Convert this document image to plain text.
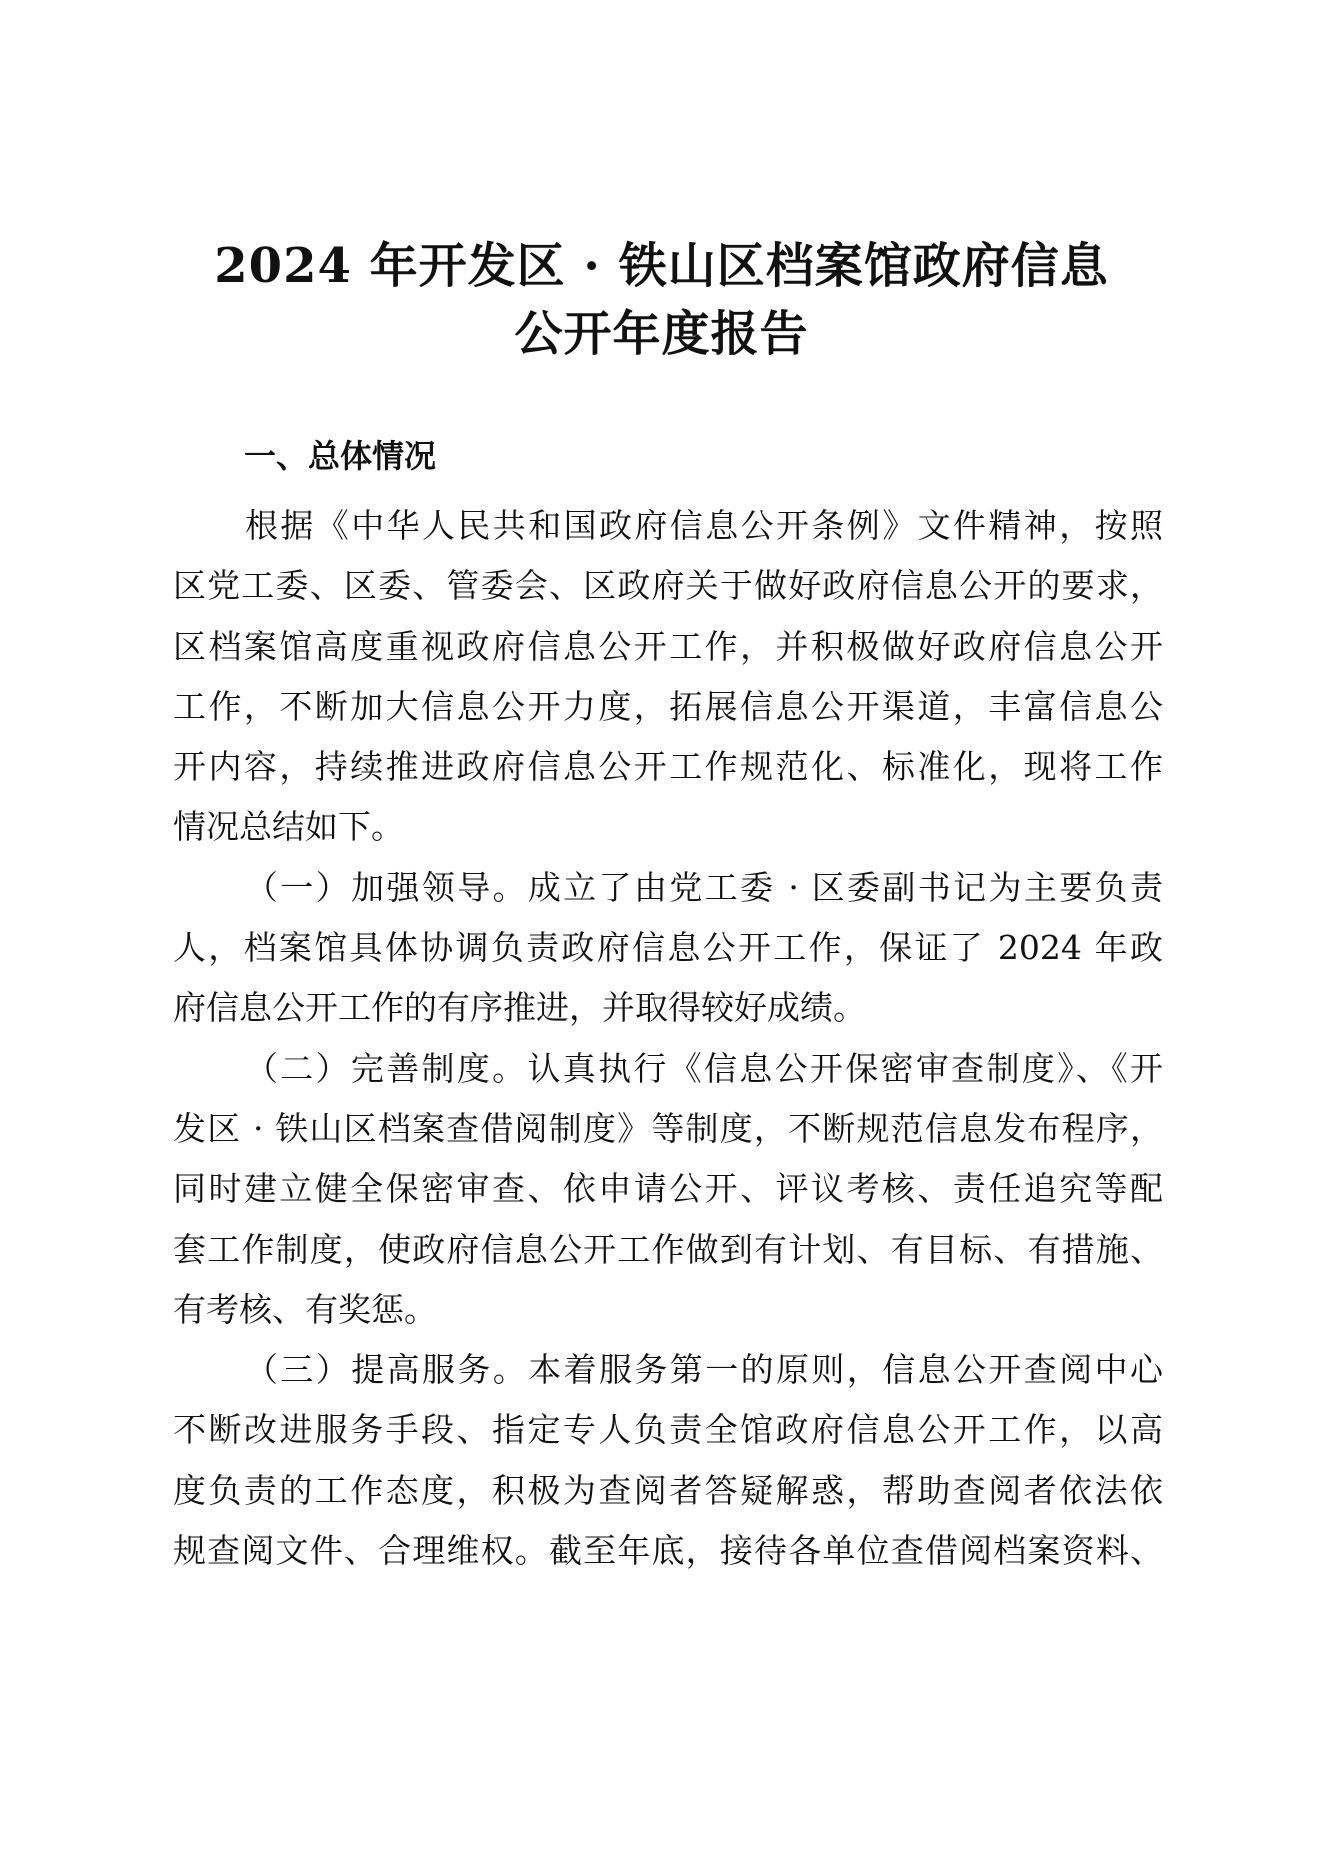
2024 年开发区 · 铁山区档案馆政府信息
公开年度报告
一、总体情况
根据《中华人民共和国政府信息公开条例》文件精神，按照
区党工委、区委、管委会、区政府关于做好政府信息公开的要求，
区档案馆高度重视政府信息公开工作，并积极做好政府信息公开
工作，不断加大信息公开力度，拓展信息公开渠道，丰富信息公
开内容，持续推进政府信息公开工作规范化、标准化，现将工作
情况总结如下。
（一）加强领导。成立了由党工委 · 区委副书记为主要负责
人，档案馆具体协调负责政府信息公开工作，保证了 2024 年政
府信息公开工作的有序推进，并取得较好成绩。
（二）完善制度。认真执行《信息公开保密审查制度》、《开
发区 · 铁山区档案查借阅制度》等制度，不断规范信息发布程序，
同时建立健全保密审查、依申请公开、评议考核、责任追究等配
套工作制度，使政府信息公开工作做到有计划、有目标、有措施、
有考核、有奖惩。
（三）提高服务。本着服务第一的原则，信息公开查阅中心
不断改进服务手段、指定专人负责全馆政府信息公开工作，以高
度负责的工作态度，积极为查阅者答疑解惑，帮助查阅者依法依
规查阅文件、合理维权。截至年底，接待各单位查借阅档案资料、
